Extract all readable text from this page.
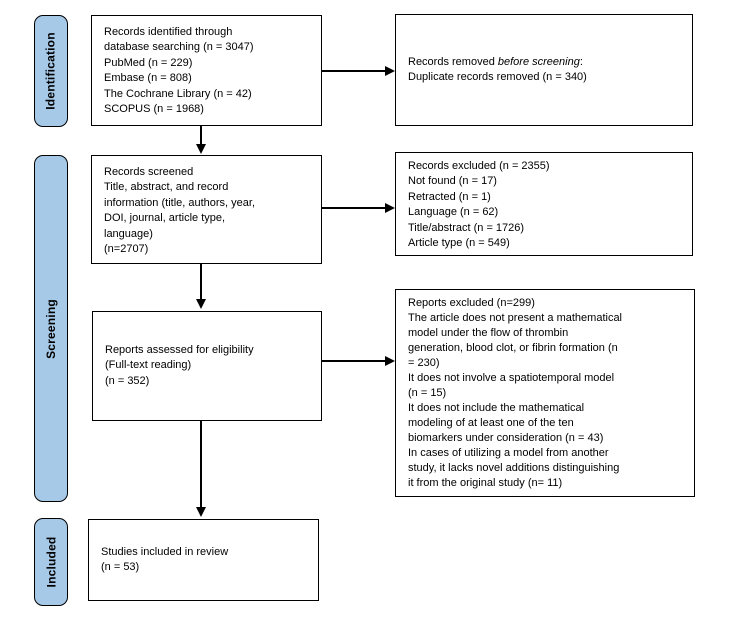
Identification
Screening
Included
Records identified through
database searching (n = 3047)
PubMed (n = 229)
Embase (n = 808)
The Cochrane Library (n = 42)
SCOPUS (n = 1968)
Records removed before screening:
Duplicate records removed (n = 340)
Records screened
Title, abstract, and record
information (title, authors, year,
DOI, journal, article type,
language)
(n=2707)
Records excluded (n = 2355)
Not found (n = 17)
Retracted (n = 1)
Language (n = 62)
Title/abstract (n = 1726)
Article type (n = 549)
Reports assessed for eligibility
(Full-text reading)
(n = 352)
Reports excluded (n=299)
The article does not present a mathematical
model under the flow of thrombin
generation, blood clot, or fibrin formation (n
= 230)
It does not involve a spatiotemporal model
(n = 15)
It does not include the mathematical
modeling of at least one of the ten
biomarkers under consideration (n = 43)
In cases of utilizing a model from another
study, it lacks novel additions distinguishing
it from the original study (n= 11)
Studies included in review
(n = 53)
